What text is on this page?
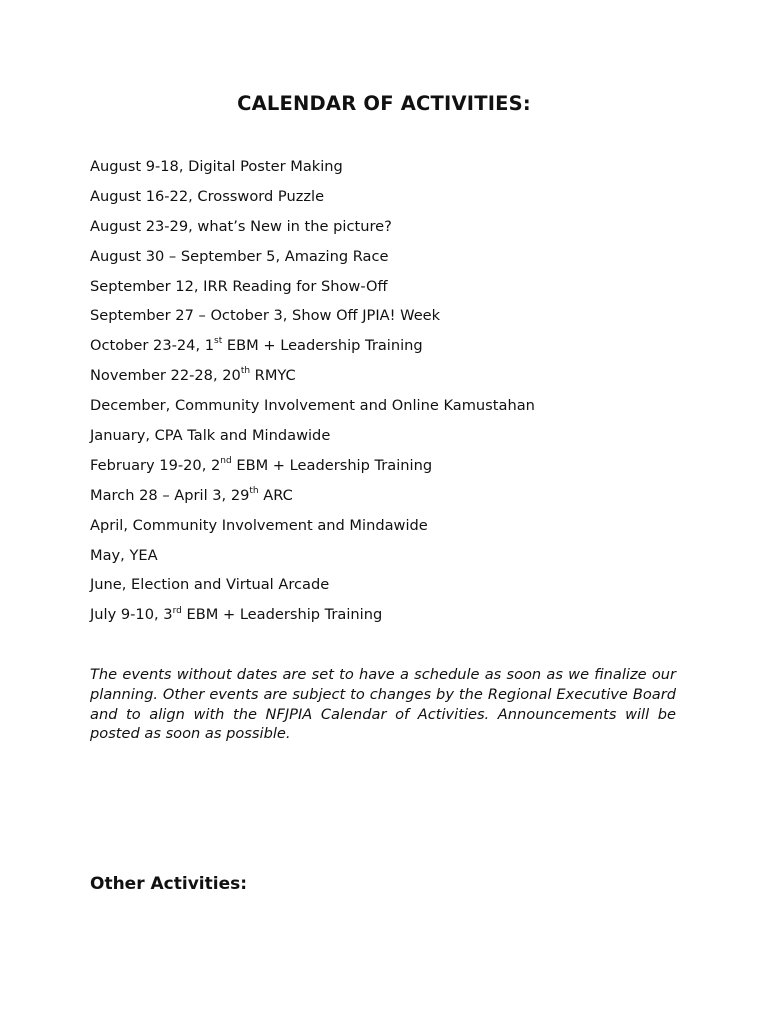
CALENDAR OF ACTIVITIES:
August 9-18, Digital Poster Making
August 16-22, Crossword Puzzle
August 23-29, what’s New in the picture?
August 30 – September 5, Amazing Race
September 12, IRR Reading for Show-Off
September 27 – October 3, Show Off JPIA! Week
October 23-24, 1st EBM + Leadership Training
November 22-28, 20th RMYC
December, Community Involvement and Online Kamustahan
January, CPA Talk and Mindawide
February 19-20, 2nd EBM + Leadership Training
March 28 – April 3, 29th ARC
April, Community Involvement and Mindawide
May, YEA
June, Election and Virtual Arcade
July 9-10, 3rd EBM + Leadership Training

The events without dates are set to have a schedule as soon as we finalize our planning. Other events are subject to changes by the Regional Executive Board and to align with the NFJPIA Calendar of Activities. Announcements will be posted as soon as possible.

Other Activities:
